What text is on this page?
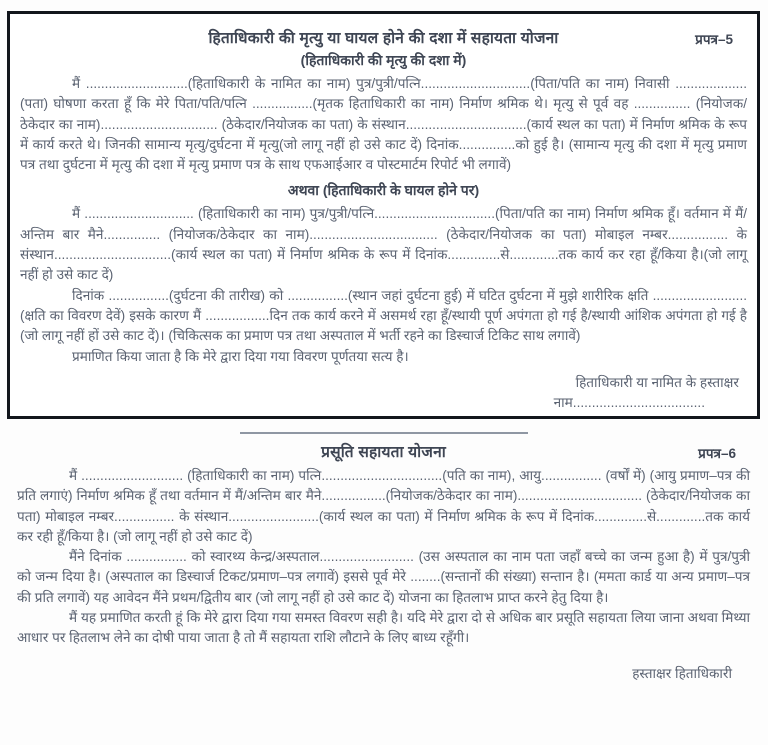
हिताधिकारी की मृत्यु या घायल होने की दशा में सहायता योजना	प्रपत्र–5
(हिताधिकारी की मृत्यु की दशा में)

मैं ...........................(हिताधिकारी के नामित का नाम) पुत्र/पुत्री/पत्नि.............................(पिता/पति का नाम) निवासी ...................(पता) घोषणा करता हूँ कि मेरे पिता/पति/पत्नि ................(मृतक हिताधिकारी का नाम) निर्माण श्रमिक थे। मृत्यु से पूर्व वह ............... (नियोजक/ठेकेदार का नाम)............................... (ठेकेदार/नियोजक का पता) के संस्थान................................(कार्य स्थल का पता) में निर्माण श्रमिक के रूप में कार्य करते थे। जिनकी सामान्य मृत्यु/दुर्घटना में मृत्यु(जो लागू नहीं हो उसे काट दें) दिनांक...............को हुई है। (सामान्य मृत्यु की दशा में मृत्यु प्रमाण पत्र तथा दुर्घटना में मृत्यु की दशा में मृत्यु प्रमाण पत्र के साथ एफआईआर व पोस्टमार्टम रिपोर्ट भी लगावें)

अथवा (हिताधिकारी के घायल होने पर)

मैं ............................. (हिताधिकारी का नाम) पुत्र/पुत्री/पत्नि................................(पिता/पति का नाम) निर्माण श्रमिक हूँ। वर्तमान में मैं/अन्तिम बार मैने............... (नियोजक/ठेकेदार का नाम).................................. (ठेकेदार/नियोजक का पता) मोबाइल नम्बर................ के संस्थान...............................(कार्य स्थल का पता) में निर्माण श्रमिक के रूप में दिनांक..............से.............तक कार्य कर रहा हूँ/किया है।(जो लागू नहीं हो उसे काट दें)

दिनांक ................(दुर्घटना की तारीख) को ................(स्थान जहां दुर्घटना हुई) में घटित दुर्घटना में मुझे शारीरिक क्षति .........................(क्षति का विवरण देवें) इसके कारण मैं .................दिन तक कार्य करने में असमर्थ रहा हूँ/स्थायी पूर्ण अपंगता हो गई है/स्थायी आंशिक अपंगता हो गई है (जो लागू नहीं हों उसे काट दें)। (चिकित्सक का प्रमाण पत्र तथा अस्पताल में भर्ती रहने का डिस्चार्ज टिकिट साथ लगावें)

प्रमाणित किया जाता है कि मेरे द्वारा दिया गया विवरण पूर्णतया सत्य है।

हिताधिकारी या नामित के हस्ताक्षर
नाम...................................
प्रसूति सहायता योजना	प्रपत्र–6

मैं ........................... (हिताधिकारी का नाम) पत्नि................................(पति का नाम), आयु................ (वर्षों में) (आयु प्रमाण–पत्र की प्रति लगाएं) निर्माण श्रमिक हूँ तथा वर्तमान में मैं/अन्तिम बार मैने.................(नियोजक/ठेकेदार का नाम)................................. (ठेकेदार/नियोजक का पता) मोबाइल नम्बर................ के संस्थान........................(कार्य स्थल का पता) में निर्माण श्रमिक के रूप में दिनांक..............से.............तक कार्य कर रही हूँ/किया है। (जो लागू नहीं हो उसे काट दें)

मैंने दिनांक ................ को स्वारथ्य केन्द्र/अस्पताल......................... (उस अस्पताल का नाम पता जहाँ बच्चे का जन्म हुआ है) में पुत्र/पुत्री को जन्म दिया है। (अस्पताल का डिस्चार्ज टिकट/प्रमाण–पत्र लगावें) इससे पूर्व मेरे ........(सन्तानों की संख्या) सन्तान है। (ममता कार्ड या अन्य प्रमाण–पत्र की प्रति लगावें) यह आवेदन मैंने प्रथम/द्वितीय बार (जो लागू नहीं हो उसे काट दें) योजना का हितलाभ प्राप्त करने हेतु दिया है।

मैं यह प्रमाणित करती हूं कि मेरे द्वारा दिया गया समस्त विवरण सही है। यदि मेरे द्वारा दो से अधिक बार प्रसूति सहायता लिया जाना अथवा मिथ्या आधार पर हितलाभ लेने का दोषी पाया जाता है तो मैं सहायता राशि लौटाने के लिए बाध्य रहूँगी।

हस्ताक्षर हिताधिकारी
